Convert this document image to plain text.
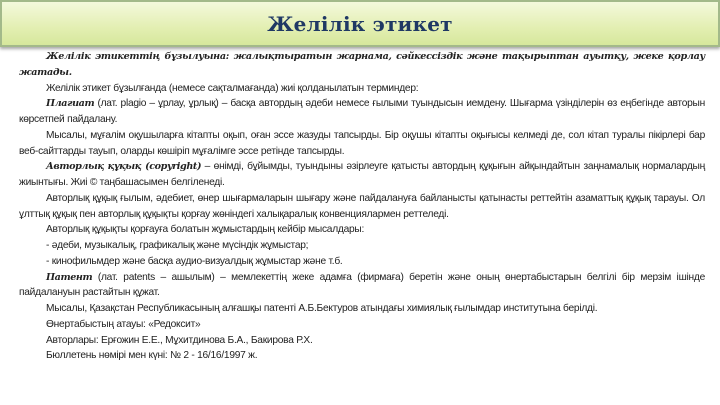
Желілік этикет

Желілік этикеттің бұзылуына: жалықтыратын жарнама, сәйкессіздік және тақырыптан ауытқу, жеке қорлау жатады.

Желілік этикет бұзылғанда (немесе сақталмағанда) жиі қолданылатын терминдер:

Плагиат (лат. plagio – ұрлау, ұрлық) – басқа автордың әдеби немесе ғылыми туындысын иемдену. Шығарма үзінділерін өз еңбегінде авторын көрсетпей пайдалану.

Мысалы, мұғалім оқушыларға кітапты оқып, оған эссе жазуды тапсырды. Бір оқушы кітапты оқығысы келмеді де, сол кітап туралы пікірлері бар веб-сайттарды тауып, оларды көшіріп мұғалімге эссе ретінде тапсырды.

Авторлық құқық (copyright) – өнімді, бұйымды, туындыны әзірлеуге қатысты автордың құқығын айқындайтын заңнамалық нормалардың жиынтығы. Жиі © таңбашасымен белгіленеді.

Авторлық құқық ғылым, әдебиет, өнер шығармаларын шығару және пайдалануға байланысты қатынасты реттейтін азаматтық құқық тарауы. Ол ұлттық құқық пен авторлық құқықты қорғау жөніндегі халықаралық конвенциялармен реттеледі.

Авторлық құқықты қорғауға болатын жұмыстардың кейбір мысалдары:

- әдеби, музыкалық, графикалық және мүсіндік жұмыстар;

- кинофильмдер және басқа аудио-визуалдық жұмыстар және т.б.

Патент (лат. patents – ашылым) – мемлекеттің жеке адамға (фирмаға) беретін және оның өнертабыстарын белгілі бір мерзім ішінде пайдалануын растайтын құжат.

Мысалы, Қазақстан Республикасының алғашқы патенті А.Б.Бектуров атындағы химиялық ғылымдар институтына берілді.

Өнертабыстың атауы: «Редоксит»

Авторлары: Ерғожин Е.Е., Мұхитдинова Б.А., Бакирова Р.Х.

Бюллетень нөмірі мен күні: № 2 - 16/16/1997 ж.
